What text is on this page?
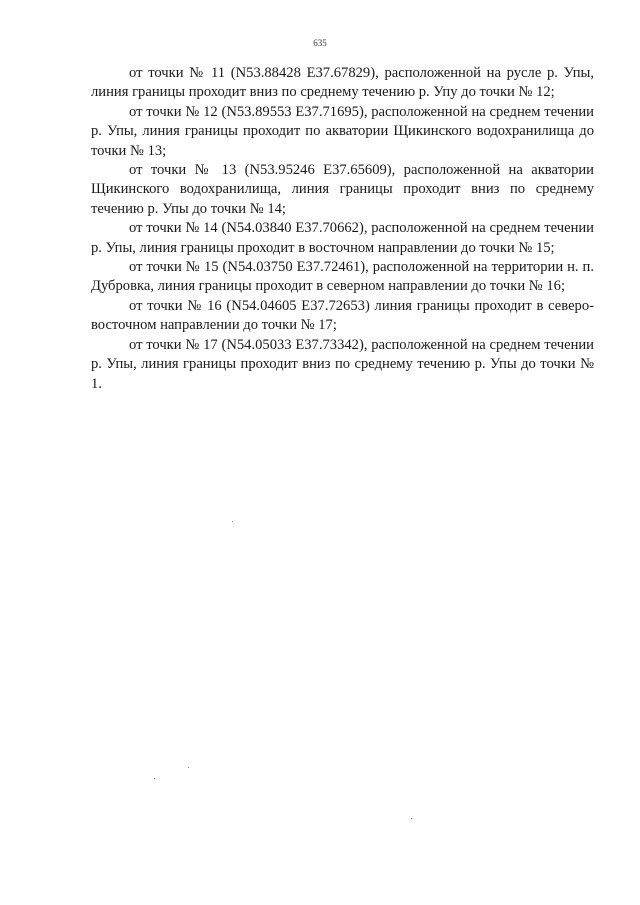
635

от точки № 11 (N53.88428 E37.67829), расположенной на русле р. Упы, линия границы проходит вниз по среднему течению р. Упу до точки № 12;

от точки № 12 (N53.89553 E37.71695), расположенной на среднем течении р. Упы, линия границы проходит по акватории Щикинского водохранилища до точки № 13;

от точки № 13 (N53.95246 E37.65609), расположенной на акватории Щикинского водохранилища, линия границы проходит вниз по среднему течению р. Упы до точки № 14;

от точки № 14 (N54.03840 E37.70662), расположенной на среднем течении р. Упы, линия границы проходит в восточном направлении до точки № 15;

от точки № 15 (N54.03750 E37.72461), расположенной на территории н. п. Дубровка, линия границы проходит в северном направлении до точки № 16;

от точки № 16 (N54.04605 E37.72653) линия границы проходит в северо-восточном направлении до точки № 17;

от точки № 17 (N54.05033 E37.73342), расположенной на среднем течении р. Упы, линия границы проходит вниз по среднему течению р. Упы до точки № 1.
